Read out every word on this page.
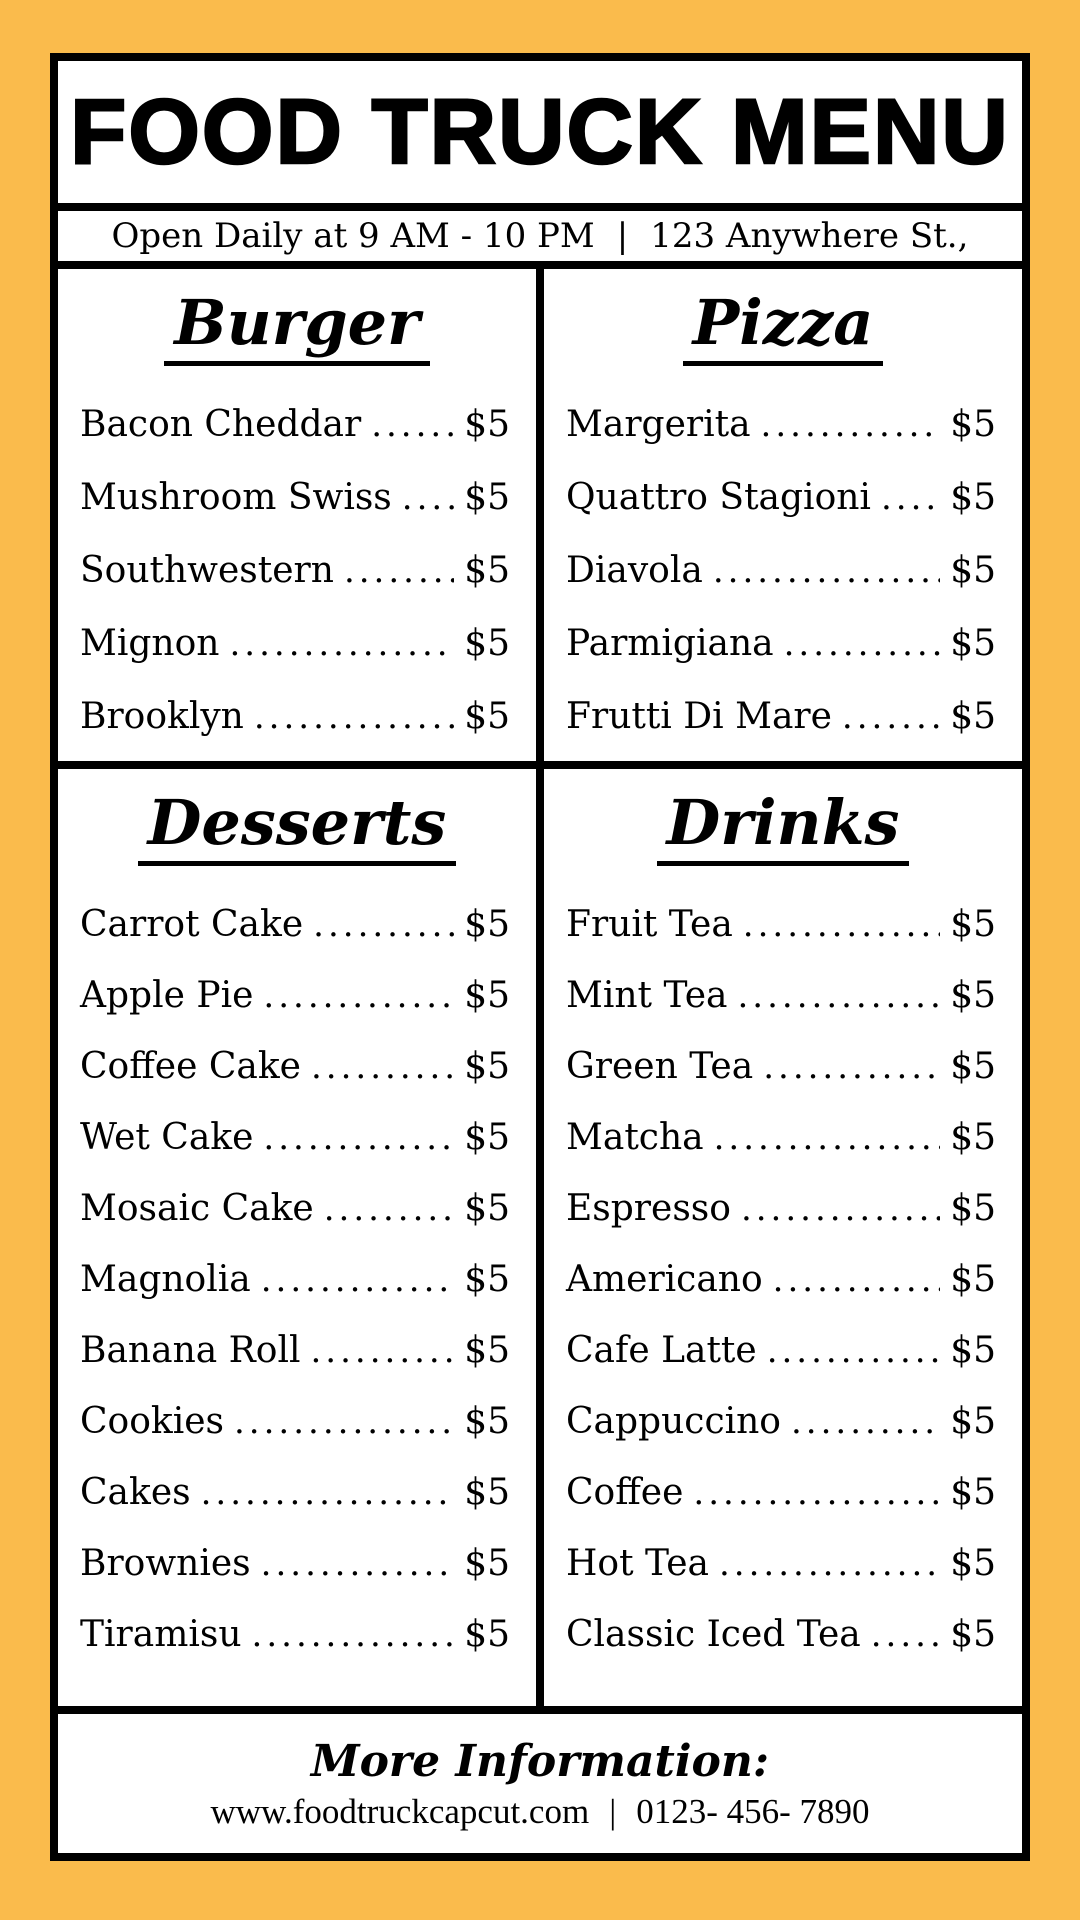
FOOD TRUCK MENU
Open Daily at 9 AM - 10 PM | 123 Anywhere St.,
Burger
Bacon Cheddar .....	$5
Mushroom Swiss ..... $5
Southwestern .....	$5
Mignon .....	$5
Brooklyn .....	$5
Pizza
Margerita .....	$5
Quattro Stagioni ..... $5
Diavola .....	$5
Parmigiana .....	$5
Frutti Di Mare .....	$5
Desserts
Carrot Cake .....	$5
Apple Pie .....	$5
Coffee Cake .....	$5
Wet Cake .....	$5
Mosaic Cake .....	$5
Magnolia .....	$5
Banana Roll .....	$5
Cookies .....	$5
Cakes .....	$5
Brownies .....	$5
Tiramisu .....	$5
Drinks
Fruit Tea .....	$5
Mint Tea .....	$5
Green Tea .....	$5
Matcha .....	$5
Espresso .....	$5
Americano .....	$5
Cafe Latte .....	$5
Cappuccino .....	$5
Coffee .....	$5
Hot Tea .....	$5
Classic Iced Tea ..... $5
More Information:
www.foodtruckcapcut.com | 0123- 456- 7890
